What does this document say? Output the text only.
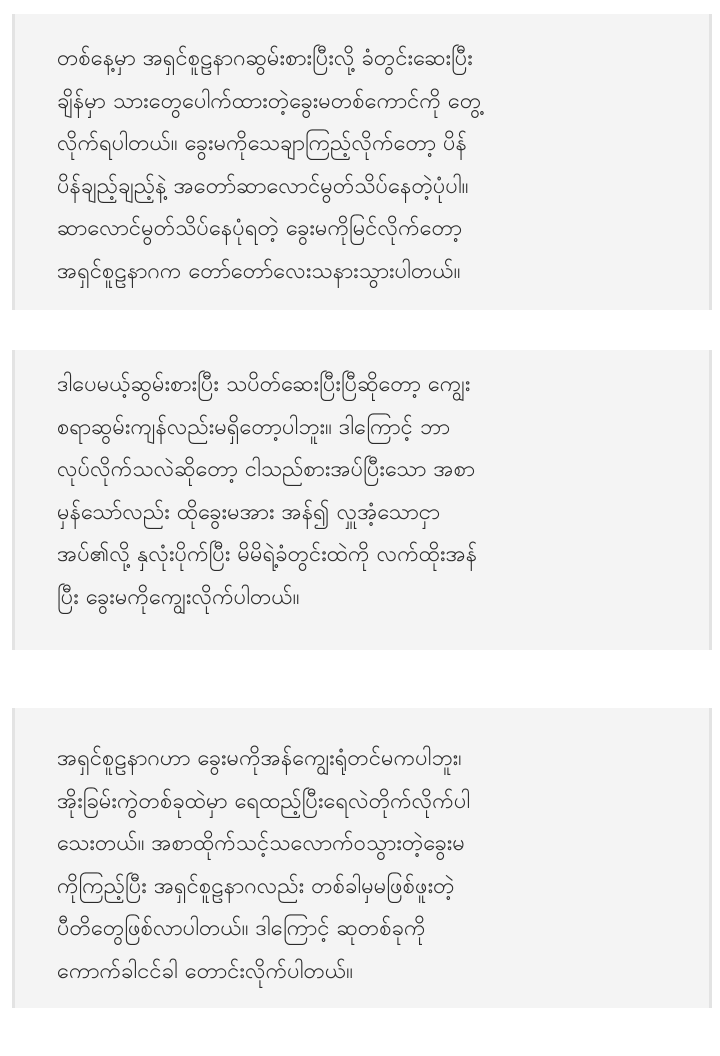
တစ်နေ့မှာ အရှင်စူဠနာဂဆွမ်းစားပြီးလို့ ခံတွင်းဆေးပြီး
ချိန်မှာ သားတွေပေါက်ထားတဲ့ခွေးမတစ်ကောင်ကို တွေ့
လိုက်ရပါတယ်။ ခွေးမကိုသေချာကြည့်လိုက်တော့ ပိန်
ပိန်ချည့်ချည့်နဲ့ အတော်ဆာလောင်မွတ်သိပ်နေတဲ့ပုံပါ။
ဆာလောင်မွတ်သိပ်နေပုံရတဲ့ ခွေးမကိုမြင်လိုက်တော့
အရှင်စူဠနာဂက တော်တော်လေးသနားသွားပါတယ်။

ဒါပေမယ့်ဆွမ်းစားပြီး သပိတ်ဆေးပြီးပြီဆိုတော့ ကျွေး
စရာဆွမ်းကျန်လည်းမရှိတော့ပါဘူး။ ဒါကြောင့် ဘာ
လုပ်လိုက်သလဲဆိုတော့ ငါသည်စားအပ်ပြီးသော အစာ
မှန်သော်လည်း ထိုခွေးမအား အန်၍ လှူအံ့သောငှာ
အပ်၏လို့ နှလုံးပိုက်ပြီး မိမိရဲ့ခံတွင်းထဲကို လက်ထိုးအန်
ပြီး ခွေးမကိုကျွေးလိုက်ပါတယ်။

အရှင်စူဠနာဂဟာ ခွေးမကိုအန်ကျွေးရုံတင်မကပါဘူး၊
အိုးခြမ်းကွဲတစ်ခုထဲမှာ ရေထည့်ပြီးရေလဲတိုက်လိုက်ပါ
သေးတယ်။ အစာထိုက်သင့်သလောက်ဝသွားတဲ့ခွေးမ
ကိုကြည့်ပြီး အရှင်စူဠနာဂလည်း တစ်ခါမှမဖြစ်ဖူးတဲ့
ပီတိတွေဖြစ်လာပါတယ်။ ဒါကြောင့် ဆုတစ်ခုကို
ကောက်ခါငင်ခါ တောင်းလိုက်ပါတယ်။
